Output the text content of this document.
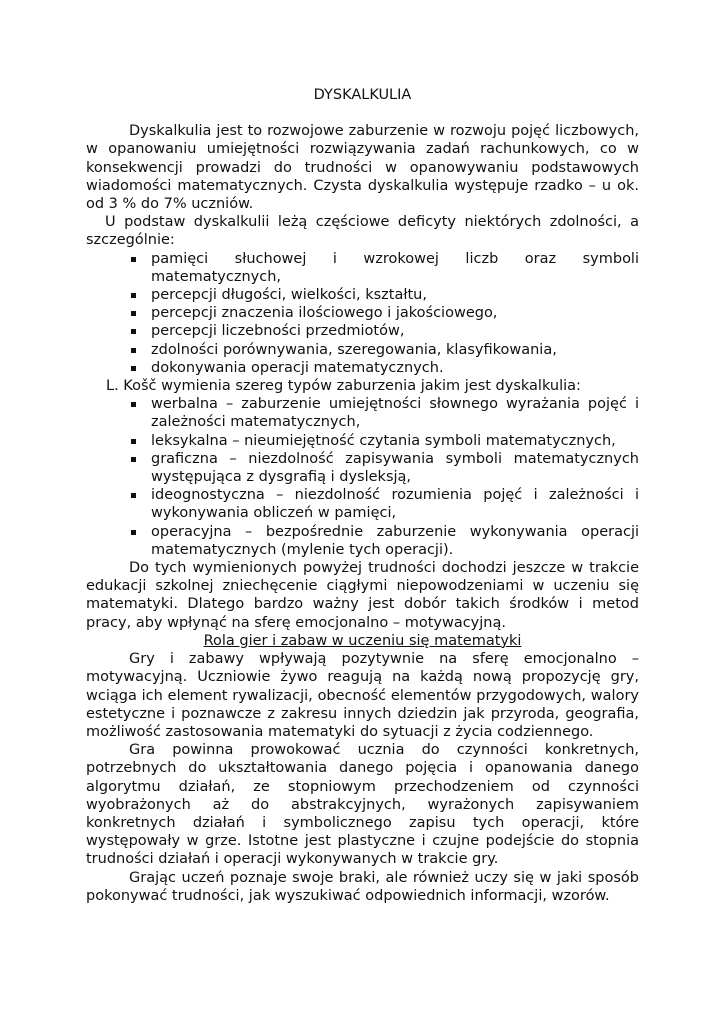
DYSKALKULIA

Dyskalkulia jest to rozwojowe zaburzenie w rozwoju pojęć liczbowych, w opanowaniu umiejętności rozwiązywania zadań rachunkowych, co w konsekwencji prowadzi do trudności w opanowywaniu podstawowych wiadomości matematycznych. Czysta dyskalkulia występuje rzadko – u ok. od 3 % do 7% uczniów.

U podstaw dyskalkulii leżą częściowe deficyty niektórych zdolności, a szczególnie:

pamięci słuchowej i wzrokowej liczb oraz symboli matematycznych,
percepcji długości, wielkości, kształtu,
percepcji znaczenia ilościowego i jakościowego,
percepcji liczebności przedmiotów,
zdolności porównywania, szeregowania, klasyfikowania,
dokonywania operacji matematycznych.

L. Košč wymienia szereg typów zaburzenia jakim jest dyskalkulia:

werbalna – zaburzenie umiejętności słownego wyrażania pojęć i zależności matematycznych,
leksykalna – nieumiejętność czytania symboli matematycznych,
graficzna – niezdolność zapisywania symboli matematycznych występująca z dysgrafią i dysleksją,
ideognostyczna – niezdolność rozumienia pojęć i zależności i wykonywania obliczeń w pamięci,
operacyjna – bezpośrednie zaburzenie wykonywania operacji matematycznych (mylenie tych operacji).

Do tych wymienionych powyżej trudności dochodzi jeszcze w trakcie edukacji szkolnej zniechęcenie ciągłymi niepowodzeniami w uczeniu się matematyki. Dlatego bardzo ważny jest dobór takich środków i metod pracy, aby wpłynąć na sferę emocjonalno – motywacyjną.

Rola gier i zabaw w uczeniu się matematyki

Gry i zabawy wpływają pozytywnie na sferę emocjonalno – motywacyjną. Uczniowie żywo reagują na każdą nową propozycję gry, wciąga ich element rywalizacji, obecność elementów przygodowych, walory estetyczne i poznawcze z zakresu innych dziedzin jak przyroda, geografia, możliwość zastosowania matematyki do sytuacji z życia codziennego.

Gra powinna prowokować ucznia do czynności konkretnych, potrzebnych do ukształtowania danego pojęcia i opanowania danego algorytmu działań, ze stopniowym przechodzeniem od czynności wyobrażonych aż do abstrakcyjnych, wyrażonych zapisywaniem konkretnych działań i symbolicznego zapisu tych operacji, które występowały w grze. Istotne jest plastyczne i czujne podejście do stopnia trudności działań i operacji wykonywanych w trakcie gry.

Grając uczeń poznaje swoje braki, ale również uczy się w jaki sposób pokonywać trudności, jak wyszukiwać odpowiednich informacji, wzorów.
